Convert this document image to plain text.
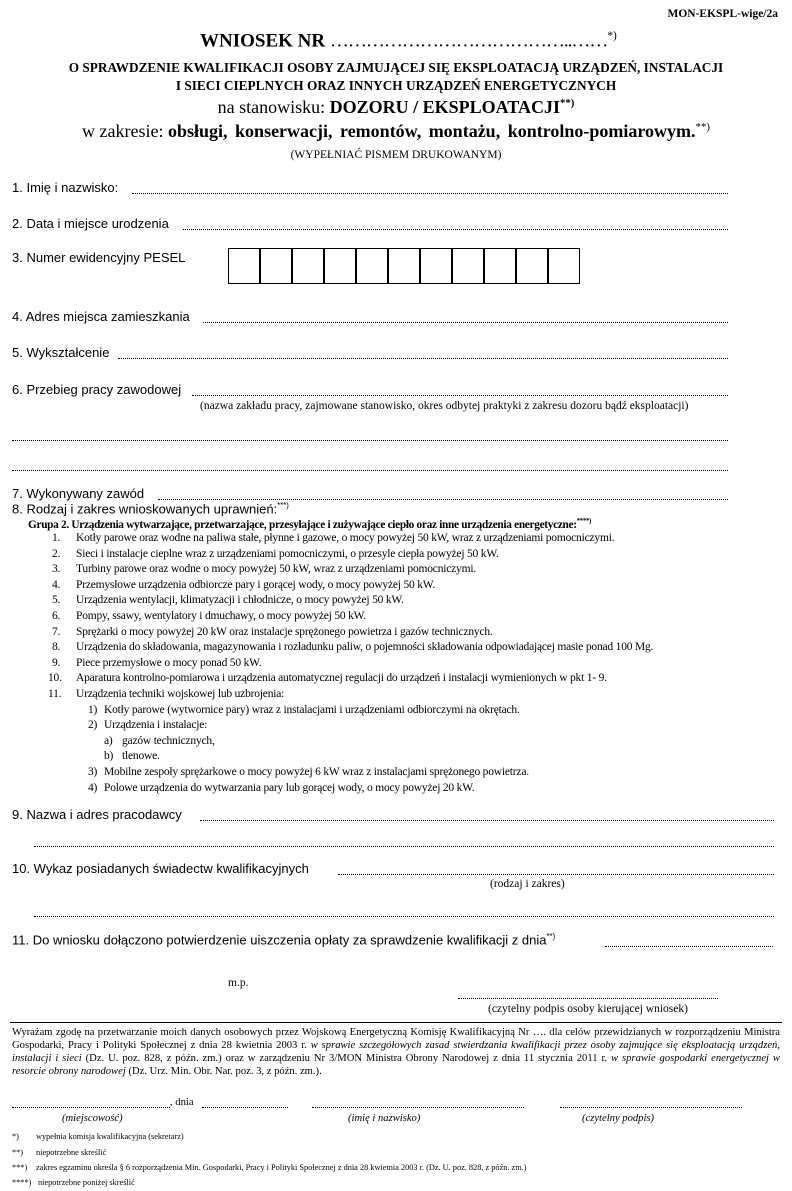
MON-EKSPL-wige/2a
WNIOSEK NR …………………………………..……*)
O SPRAWDZENIE KWALIFIKACJI OSOBY ZAJMUJĄCEJ SIĘ EKSPLOATACJĄ URZĄDZEŃ, INSTALACJI
I SIECI CIEPLNYCH ORAZ INNYCH URZĄDZEŃ ENERGETYCZNYCH
na stanowisku: DOZORU / EKSPLOATACJI**)
w zakresie: obsługi, konserwacji, remontów, montażu, kontrolno-pomiarowym.**)
(WYPEŁNIAĆ PISMEM DRUKOWANYM)
1. Imię i nazwisko:
2. Data i miejsce urodzenia
3. Numer ewidencyjny PESEL
4. Adres miejsca zamieszkania
5. Wykształcenie
6. Przebieg pracy zawodowej
(nazwa zakładu pracy, zajmowane stanowisko, okres odbytej praktyki z zakresu dozoru bądź eksploatacji)
7. Wykonywany zawód
8. Rodzaj i zakres wnioskowanych uprawnień:***)
Grupa 2. Urządzenia wytwarzające, przetwarzające, przesyłające i zużywające ciepło oraz inne urządzenia energetyczne:****)
1. Kotły parowe oraz wodne na paliwa stałe, płynne i gazowe, o mocy powyżej 50 kW, wraz z urządzeniami pomocniczymi.
2. Sieci i instalacje cieplne wraz z urządzeniami pomocniczymi, o przesyle ciepła powyżej 50 kW.
3. Turbiny parowe oraz wodne o mocy powyżej 50 kW, wraz z urządzeniami pomocniczymi.
4. Przemysłowe urządzenia odbiorcze pary i gorącej wody, o mocy powyżej 50 kW.
5. Urządzenia wentylacji, klimatyzacji i chłodnicze, o mocy powyżej 50 kW.
6. Pompy, ssawy, wentylatory i dmuchawy, o mocy powyżej 50 kW.
7. Sprężarki o mocy powyżej 20 kW oraz instalacje sprężonego powietrza i gazów technicznych.
8. Urządzenia do składowania, magazynowania i rozładunku paliw, o pojemności składowania odpowiadającej masie ponad 100 Mg.
9. Piece przemysłowe o mocy ponad 50 kW.
10. Aparatura kontrolno-pomiarowa i urządzenia automatycznej regulacji do urządzeń i instalacji wymienionych w pkt 1- 9.
11. Urządzenia techniki wojskowej lub uzbrojenia:
1) Kotły parowe (wytwornice pary) wraz z instalacjami i urządzeniami odbiorczymi na okrętach.
2) Urządzenia i instalacje:
a) gazów technicznych,
b) tlenowe.
3) Mobilne zespoły sprężarkowe o mocy powyżej 6 kW wraz z instalacjami sprężonego powietrza.
4) Polowe urządzenia do wytwarzania pary lub gorącej wody, o mocy powyżej 20 kW.
9. Nazwa i adres pracodawcy
10. Wykaz posiadanych świadectw kwalifikacyjnych
(rodzaj i zakres)
11. Do wniosku dołączono potwierdzenie uiszczenia opłaty za sprawdzenie kwalifikacji z dnia**)
m.p.
(czytelny podpis osoby kierującej wniosek)
Wyrażam zgodę na przetwarzanie moich danych osobowych przez Wojskową Energetyczną Komisję Kwalifikacyjną Nr …. dla celów przewidzianych w rozporządzeniu Ministra Gospodarki, Pracy i Polityki Społecznej z dnia 28 kwietnia 2003 r. w sprawie szczegółowych zasad stwierdzania kwalifikacji przez osoby zajmujące się eksploatacją urządzeń, instalacji i sieci (Dz. U. poz. 828, z późn. zm.) oraz w zarządzeniu Nr 3/MON Ministra Obrony Narodowej z dnia 11 stycznia 2011 r. w sprawie gospodarki energetycznej w resorcie obrony narodowej (Dz. Urz. Min. Obr. Nar. poz. 3, z późn. zm.).
, dnia
(miejscowość)	(imię i nazwisko)	(czytelny podpis)
*) wypełnia komisja kwalifikacyjna (sekretarz)
**) niepotrzebne skreślić
***) zakres egzaminu określa § 6 rozporządzenia Min. Gospodarki, Pracy i Polityki Społecznej z dnia 28 kwietnia 2003 r. (Dz. U. poz. 828, z późn. zm.)
****) niepotrzebne poniżej skreślić
